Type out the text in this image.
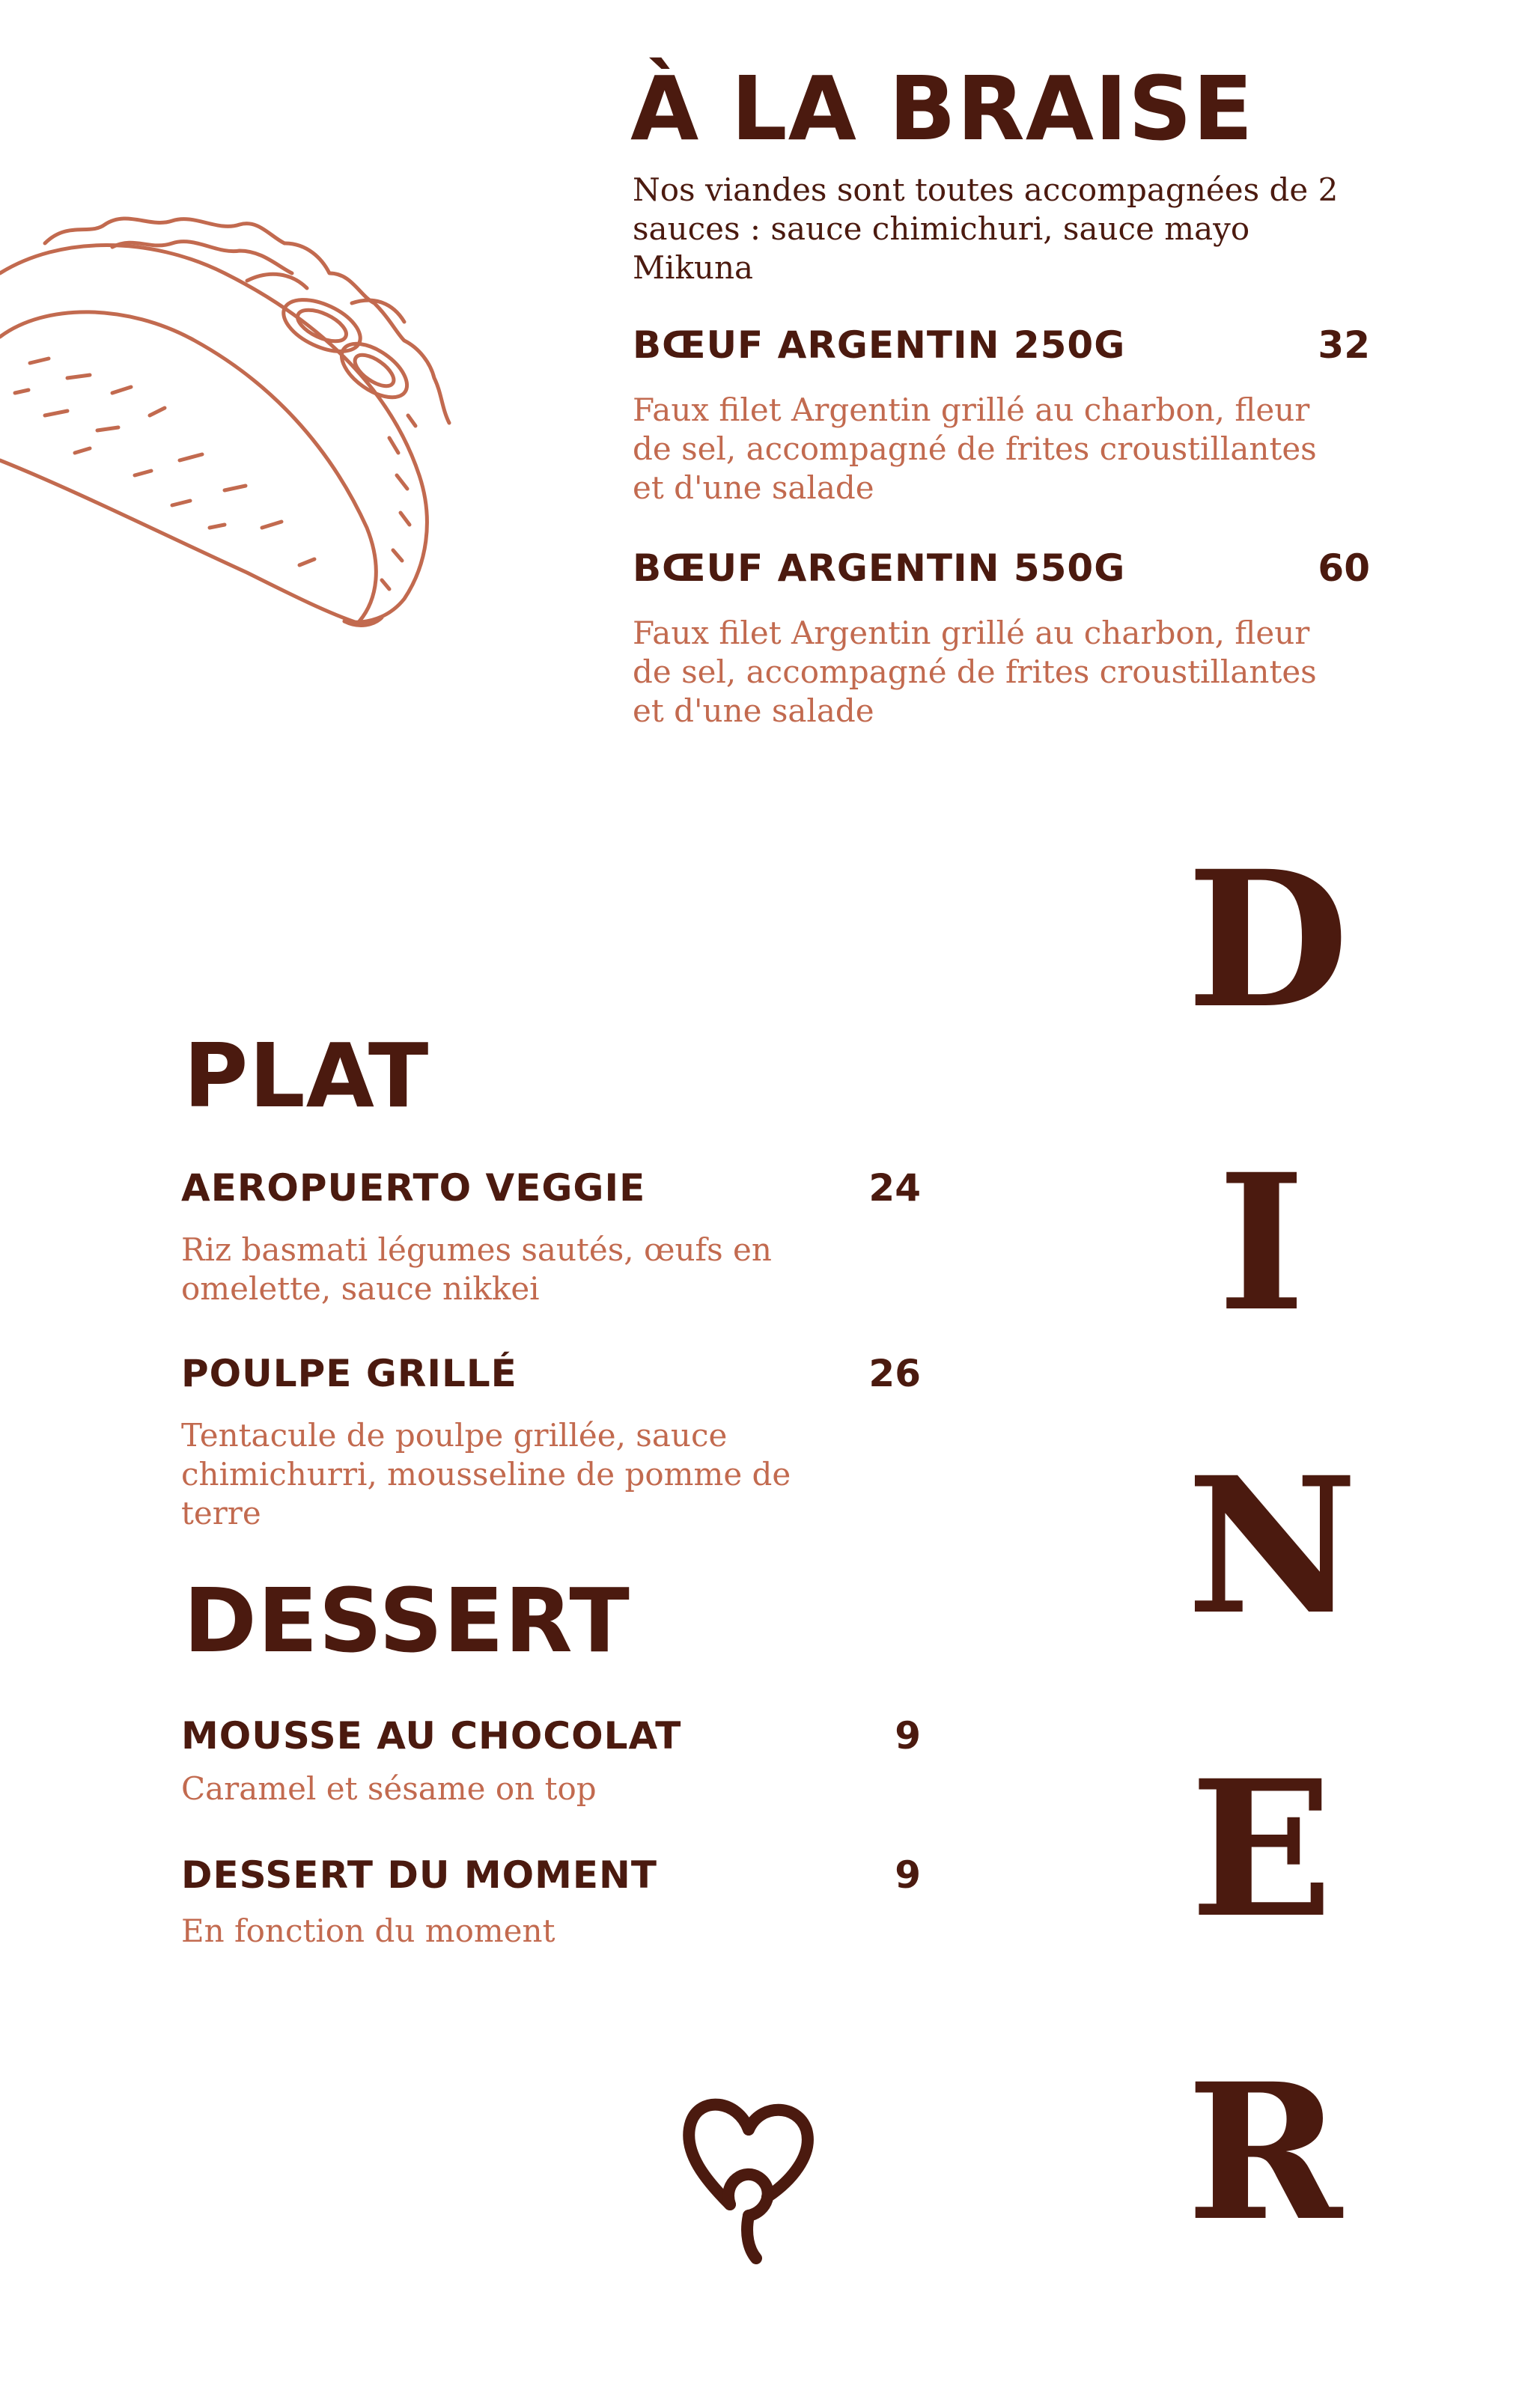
À LA BRAISE
Nos viandes sont toutes accompagnées de 2 sauces : sauce chimichuri, sauce mayo Mikuna
BŒUF ARGENTIN 250G	32
Faux filet Argentin grillé au charbon, fleur de sel, accompagné de frites croustillantes et d'une salade
BŒUF ARGENTIN 550G	60
Faux filet Argentin grillé au charbon, fleur de sel, accompagné de frites croustillantes et d'une salade
PLAT
AEROPUERTO VEGGIE	24
Riz basmati légumes sautés, œufs en omelette, sauce nikkei
POULPE GRILLÉ	26
Tentacule de poulpe grillée, sauce chimichurri, mousseline de pomme de terre
DESSERT
MOUSSE AU CHOCOLAT	9
Caramel et sésame on top
DESSERT DU MOMENT	9
En fonction du moment
D
I
N
E
R
